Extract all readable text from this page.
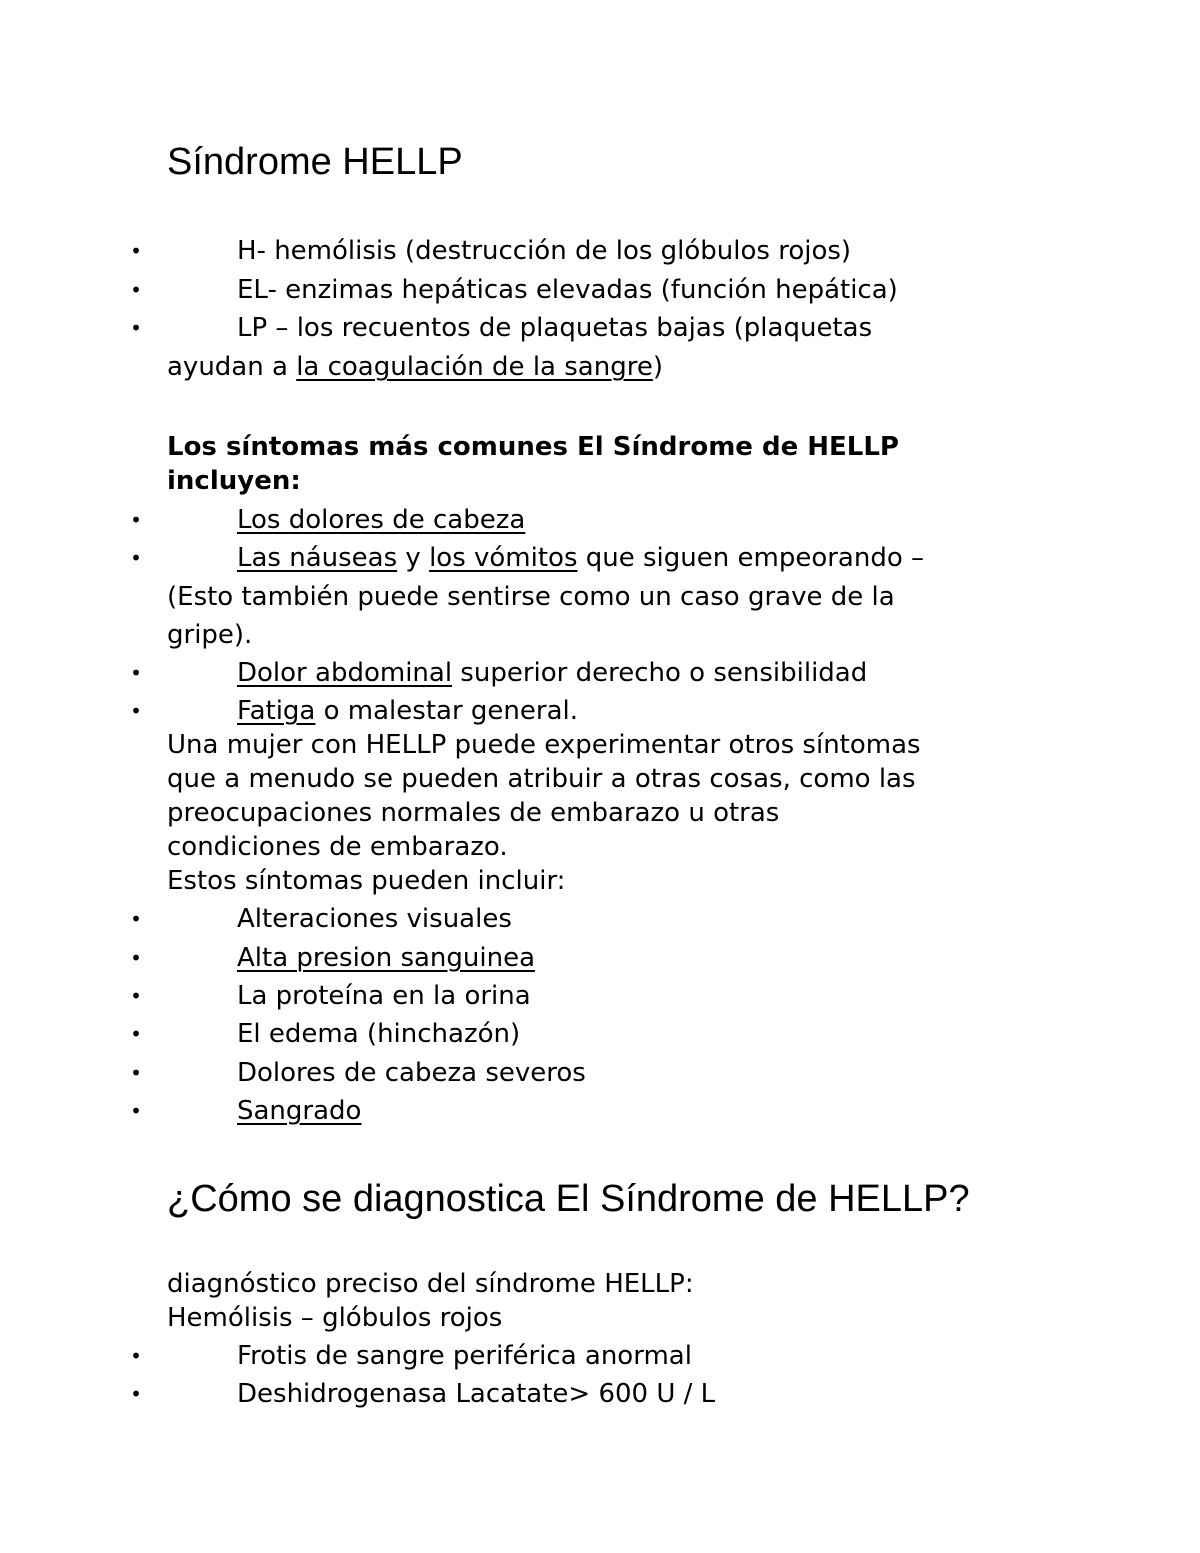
Síndrome HELLP
•	H- hemólisis (destrucción de los glóbulos rojos)

•	EL- enzimas hepáticas elevadas (función hepática)

•	LP – los recuentos de plaquetas bajas (plaquetas

ayudan a la coagulación de la sangre)

Los síntomas más comunes El Síndrome de HELLP

incluyen:

•	Los dolores de cabeza

•	Las náuseas y los vómitos que siguen empeorando –

(Esto también puede sentirse como un caso grave de la

gripe).

•	Dolor abdominal superior derecho o sensibilidad

•	Fatiga o malestar general.

Una mujer con HELLP puede experimentar otros síntomas

que a menudo se pueden atribuir a otras cosas, como las

preocupaciones normales de embarazo u otras

condiciones de embarazo.

Estos síntomas pueden incluir:

•	Alteraciones visuales

•	Alta presion sanguinea

•	La proteína en la orina

•	El edema (hinchazón)

•	Dolores de cabeza severos

•	Sangrado

¿Cómo se diagnostica El Síndrome de HELLP?

diagnóstico preciso del síndrome HELLP:

Hemólisis – glóbulos rojos

•	Frotis de sangre periférica anormal

•	Deshidrogenasa Lacatate> 600 U / L
